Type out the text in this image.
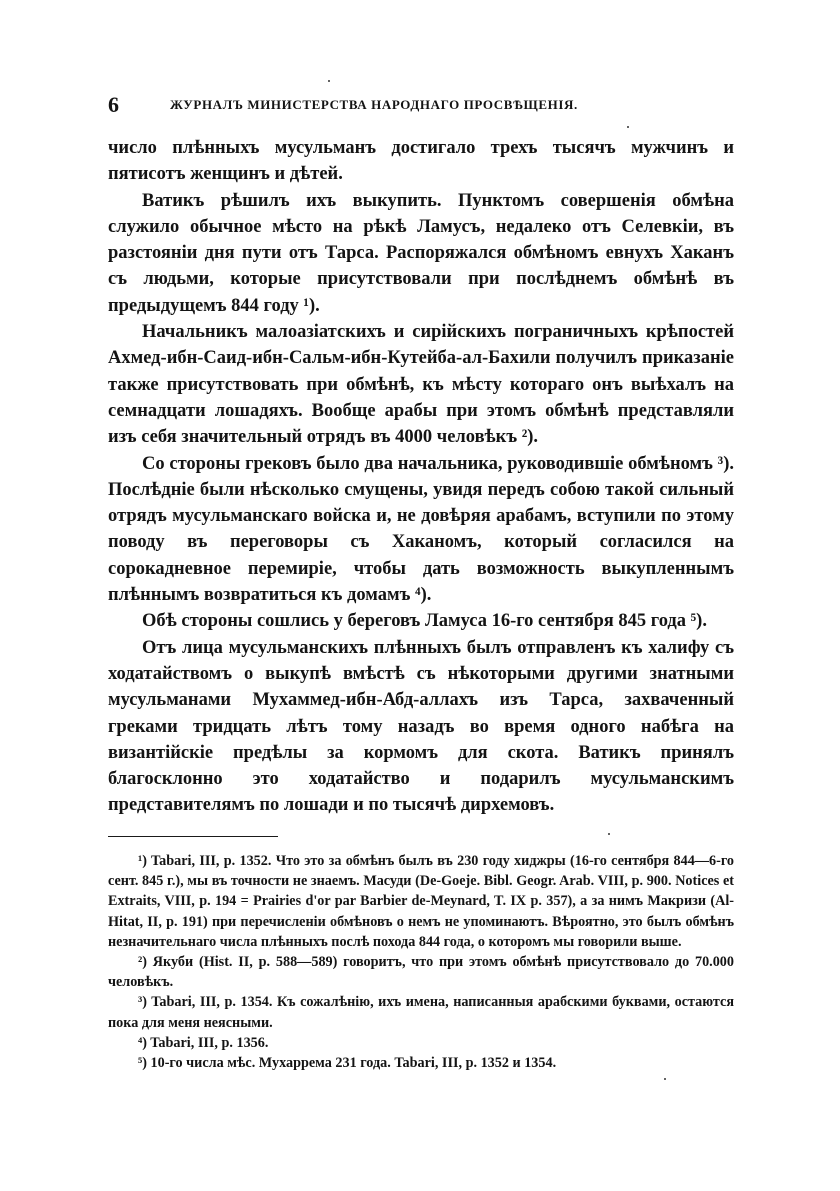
6	ЖУРНАЛЪ МИНИСТЕРСТВА НАРОДНАГО ПРОСВѢЩЕНІЯ.

число плѣнныхъ мусульманъ достигало трехъ тысячъ мужчинъ и пятисотъ женщинъ и дѣтей.

Ватикъ рѣшилъ ихъ выкупить. Пунктомъ совершенія обмѣна служило обычное мѣсто на рѣкѣ Ламусъ, недалеко отъ Селевкіи, въ разстояніи дня пути отъ Тарса. Распоряжался обмѣномъ евнухъ Хаканъ съ людьми, которые присутствовали при послѣднемъ обмѣнѣ въ предыдущемъ 844 году ¹).

Начальникъ малоазіатскихъ и сирійскихъ пограничныхъ крѣпостей Ахмед-ибн-Саид-ибн-Сальм-ибн-Кутейба-ал-Бахили получилъ приказаніе также присутствовать при обмѣнѣ, къ мѣсту котораго онъ выѣхалъ на семнадцати лошадяхъ. Вообще арабы при этомъ обмѣнѣ представляли изъ себя значительный отрядъ въ 4000 человѣкъ ²).

Со стороны грековъ было два начальника, руководившіе обмѣномъ ³). Послѣдніе были нѣсколько смущены, увидя передъ собою такой сильный отрядъ мусульманскаго войска и, не довѣряя арабамъ, вступили по этому поводу въ переговоры съ Хаканомъ, который согласился на сорокадневное перемиріе, чтобы дать возможность выкупленнымъ плѣннымъ возвратиться къ домамъ ⁴).

Обѣ стороны сошлись у береговъ Ламуса 16-го сентября 845 года ⁵).

Отъ лица мусульманскихъ плѣнныхъ былъ отправленъ къ халифу съ ходатайствомъ о выкупѣ вмѣстѣ съ нѣкоторыми другими знатными мусульманами Мухаммед-ибн-Абд-аллахъ изъ Тарса, захваченный греками тридцать лѣтъ тому назадъ во время одного набѣга на византійскіе предѣлы за кормомъ для скота. Ватикъ принялъ благосклонно это ходатайство и подарилъ мусульманскимъ представителямъ по лошади и по тысячѣ дирхемовъ.

¹) Tabari, III, p. 1352. Что это за обмѣнъ былъ въ 230 году хиджры (16-го сентября 844—6-го сент. 845 г.), мы въ точности не знаемъ. Масуди (De-Goeje. Bibl. Geogr. Arab. VIII, p. 900. Notices et Extraits, VIII, p. 194 = Prairies d'or par Barbier de-Meynard, T. IX p. 357), а за нимъ Макризи (Al-Hitat, II, p. 191) при перечисленіи обмѣновъ о немъ не упоминаютъ. Вѣроятно, это былъ обмѣнъ незначительнаго числа плѣнныхъ послѣ похода 844 года, о которомъ мы говорили выше.

²) Якуби (Hist. II, p. 588—589) говоритъ, что при этомъ обмѣнѣ присутствовало до 70.000 человѣкъ.

³) Tabari, III, p. 1354. Къ сожалѣнію, ихъ имена, написанныя арабскими буквами, остаются пока для меня неясными.

⁴) Tabari, III, p. 1356.

⁵) 10-го числа мѣс. Мухаррема 231 года. Tabari, III, p. 1352 и 1354.
